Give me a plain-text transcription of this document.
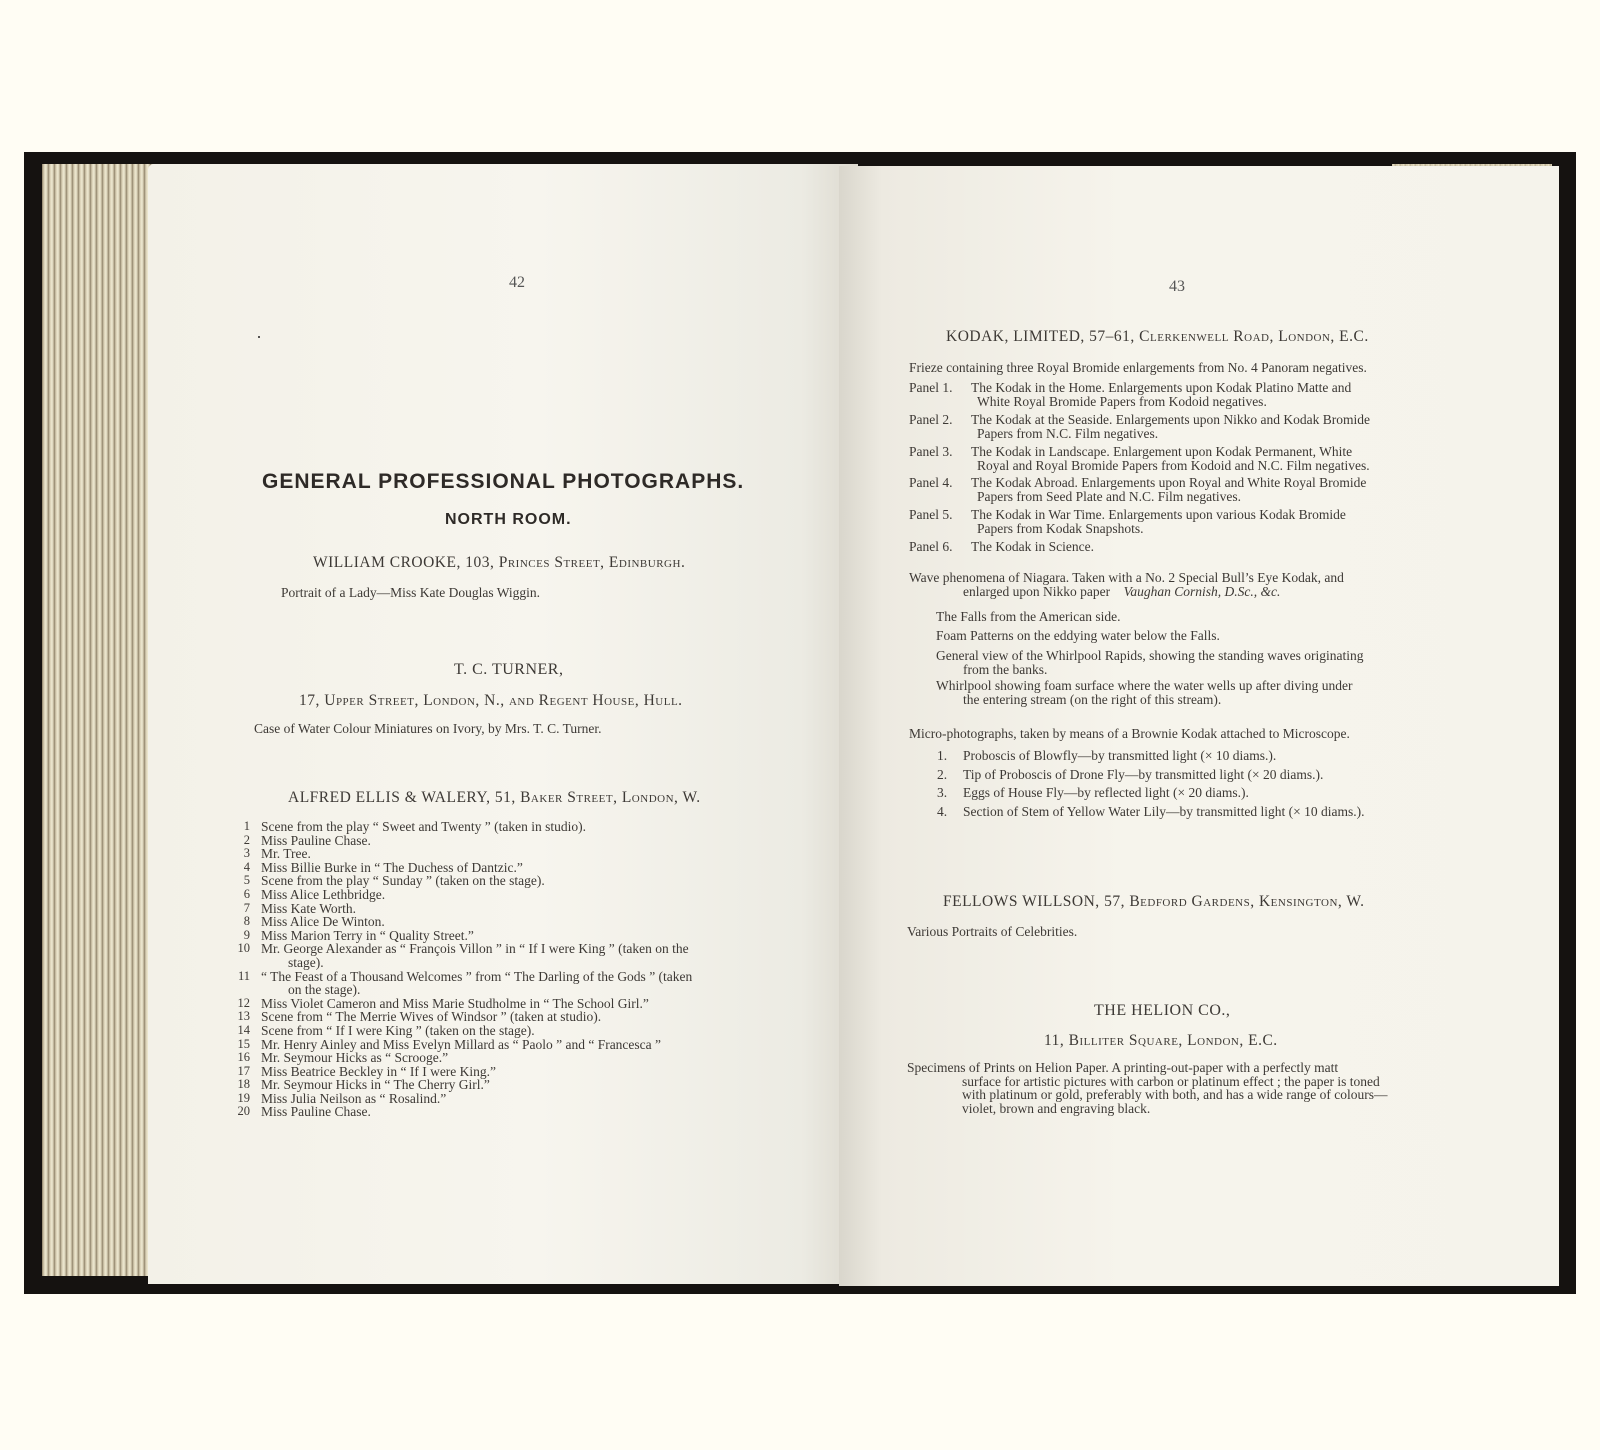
42
GENERAL PROFESSIONAL PHOTOGRAPHS.
NORTH ROOM.
WILLIAM CROOKE, 103, Princes Street, Edinburgh.
Portrait of a Lady—Miss Kate Douglas Wiggin.
T. C. TURNER,
17, Upper Street, London, N., and Regent House, Hull.
Case of Water Colour Miniatures on Ivory, by Mrs. T. C. Turner.
ALFRED ELLIS & WALERY, 51, Baker Street, London, W.
1 Scene from the play “ Sweet and Twenty ” (taken in studio).
2 Miss Pauline Chase.
3 Mr. Tree.
4 Miss Billie Burke in “ The Duchess of Dantzic.”
5 Scene from the play “ Sunday ” (taken on the stage).
6 Miss Alice Lethbridge.
7 Miss Kate Worth.
8 Miss Alice De Winton.
9 Miss Marion Terry in “ Quality Street.”
10 Mr. George Alexander as “ François Villon ” in “ If I were King ” (taken on the
stage).
11 “ The Feast of a Thousand Welcomes ” from “ The Darling of the Gods ” (taken
on the stage).
12 Miss Violet Cameron and Miss Marie Studholme in “ The School Girl.”
13 Scene from “ The Merrie Wives of Windsor ” (taken at studio).
14 Scene from “ If I were King ” (taken on the stage).
15 Mr. Henry Ainley and Miss Evelyn Millard as “ Paolo ” and “ Francesca ”
16 Mr. Seymour Hicks as “ Scrooge.”
17 Miss Beatrice Beckley in “ If I were King.”
18 Mr. Seymour Hicks in “ The Cherry Girl.”
19 Miss Julia Neilson as “ Rosalind.”
20 Miss Pauline Chase.
43
KODAK, LIMITED, 57–61, Clerkenwell Road, London, E.C.
Frieze containing three Royal Bromide enlargements from No. 4 Panoram negatives.
Panel 1. The Kodak in the Home. Enlargements upon Kodak Platino Matte and
White Royal Bromide Papers from Kodoid negatives.
Panel 2. The Kodak at the Seaside. Enlargements upon Nikko and Kodak Bromide
Papers from N.C. Film negatives.
Panel 3. The Kodak in Landscape. Enlargement upon Kodak Permanent, White
Royal and Royal Bromide Papers from Kodoid and N.C. Film negatives.
Panel 4. The Kodak Abroad. Enlargements upon Royal and White Royal Bromide
Papers from Seed Plate and N.C. Film negatives.
Panel 5. The Kodak in War Time. Enlargements upon various Kodak Bromide
Papers from Kodak Snapshots.
Panel 6. The Kodak in Science.
Wave phenomena of Niagara. Taken with a No. 2 Special Bull’s Eye Kodak, and
enlarged upon Nikko paper Vaughan Cornish, D.Sc., &c.
The Falls from the American side.
Foam Patterns on the eddying water below the Falls.
General view of the Whirlpool Rapids, showing the standing waves originating
from the banks.
Whirlpool showing foam surface where the water wells up after diving under
the entering stream (on the right of this stream).
Micro-photographs, taken by means of a Brownie Kodak attached to Microscope.
1. Proboscis of Blowfly—by transmitted light (× 10 diams.).
2. Tip of Proboscis of Drone Fly—by transmitted light (× 20 diams.).
3. Eggs of House Fly—by reflected light (× 20 diams.).
4. Section of Stem of Yellow Water Lily—by transmitted light (× 10 diams.).
FELLOWS WILLSON, 57, Bedford Gardens, Kensington, W.
Various Portraits of Celebrities.
THE HELION CO.,
11, Billiter Square, London, E.C.
Specimens of Prints on Helion Paper. A printing-out-paper with a perfectly matt
surface for artistic pictures with carbon or platinum effect ; the paper is toned
with platinum or gold, preferably with both, and has a wide range of colours—
violet, brown and engraving black.
